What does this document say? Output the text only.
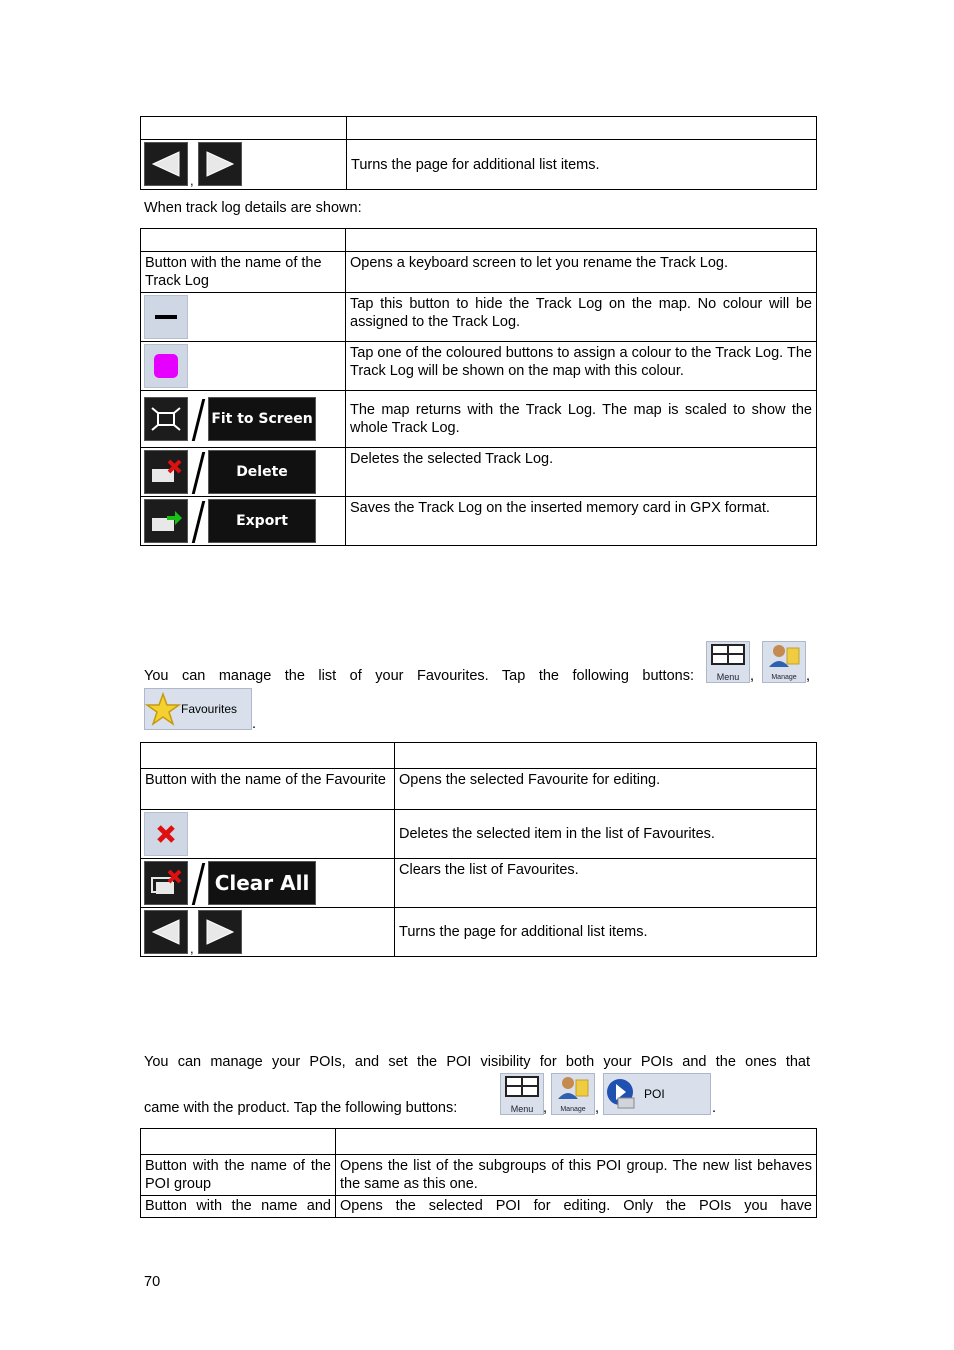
,	Turns the page for additional list items.
When track log details are shown:

Button with the name of the Track Log	Opens a keyboard screen to let you rename the Track Log.

	Tap this button to hide the Track Log on the map. No colour will be assigned to the Track Log.

	Tap one of the coloured buttons to assign a colour to the Track Log. The Track Log will be shown on the map with this colour.

Fit to Screen	The map returns with the Track Log. The map is scaled to show the whole Track Log.

Delete	Deletes the selected Track Log.

Export	Saves the Track Log on the inserted memory card in GPX format.
You can manage the list of your Favourites. Tap the following buttons:	Menu , Manage ,
Favourites
.

Button with the name of the Favourite	Opens the selected Favourite for editing.

	Deletes the selected item in the list of Favourites.

Clear All	Clears the list of Favourites.

,	Turns the page for additional list items.
You can manage your POIs, and set the POI visibility for both your POIs and the ones that
came with the product. Tap the following buttons:	Menu , Manage ,
POI
.

Button with the name of the POI group	Opens the list of the subgroups of this POI group. The new list behaves the same as this one.
Button with the name and	Opens the selected POI for editing. Only the POIs you have
70
